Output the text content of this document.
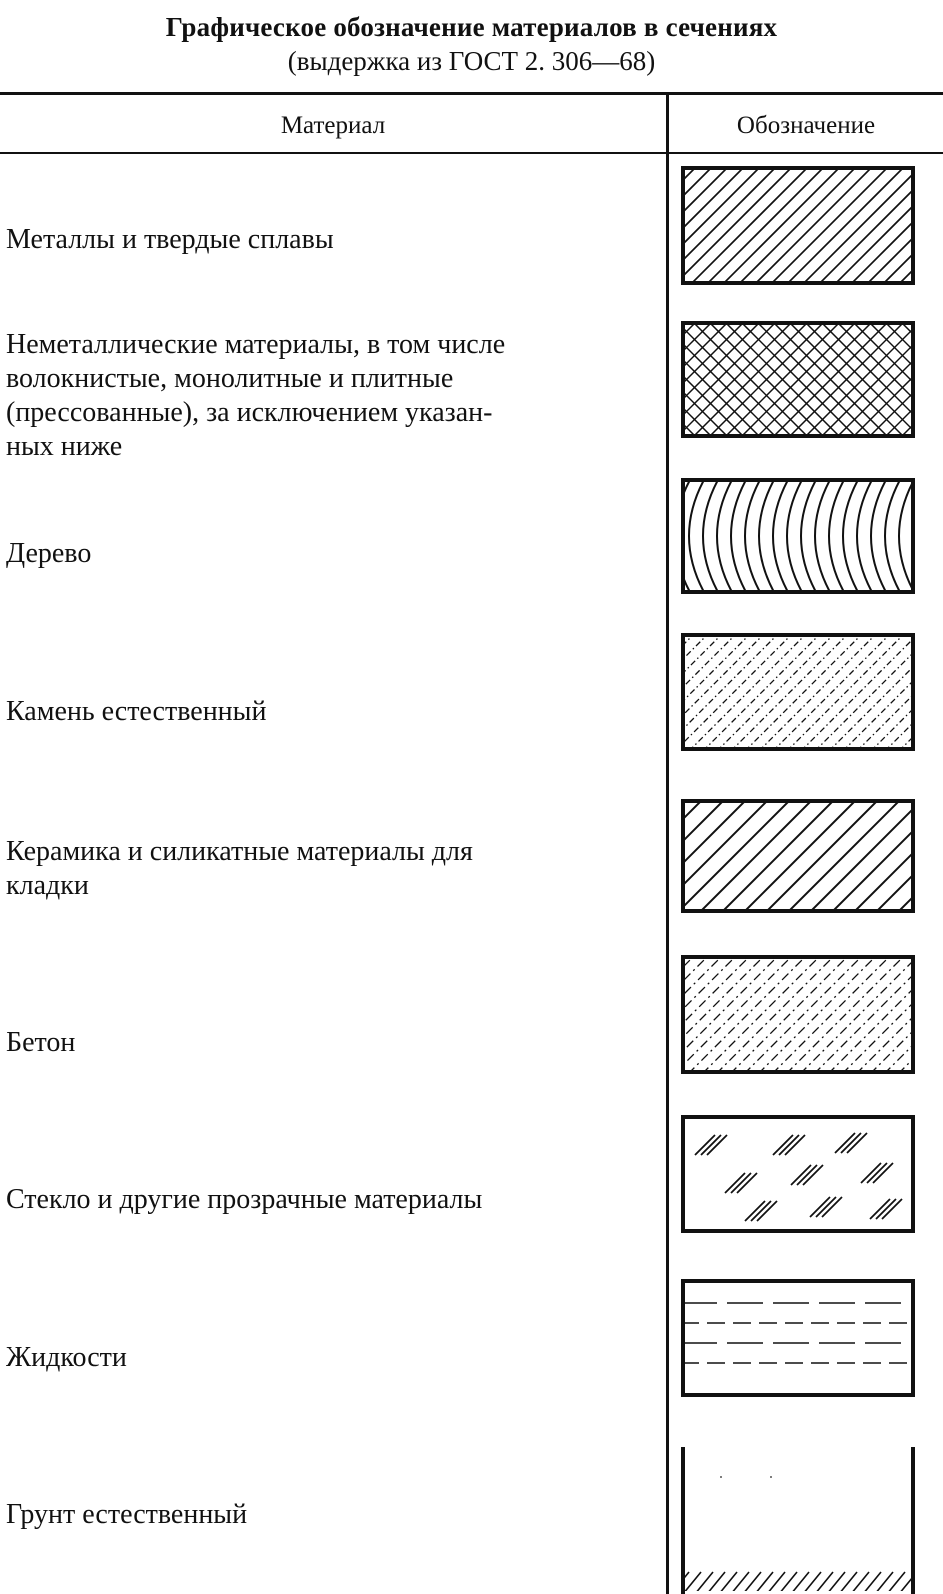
Графическое обозначение материалов в сечениях
(выдержка из ГОСТ 2. 306—68)
Материал	Обозначение
Металлы и твердые сплавы
Неметаллические материалы, в том числе
волокнистые, монолитные и плитные
(прессованные), за исключением указан-
ных ниже
Дерево
Камень естественный
Керамика и силикатные материалы для
кладки
Бетон
Стекло и другие прозрачные материалы
Жидкости
Грунт естественный
